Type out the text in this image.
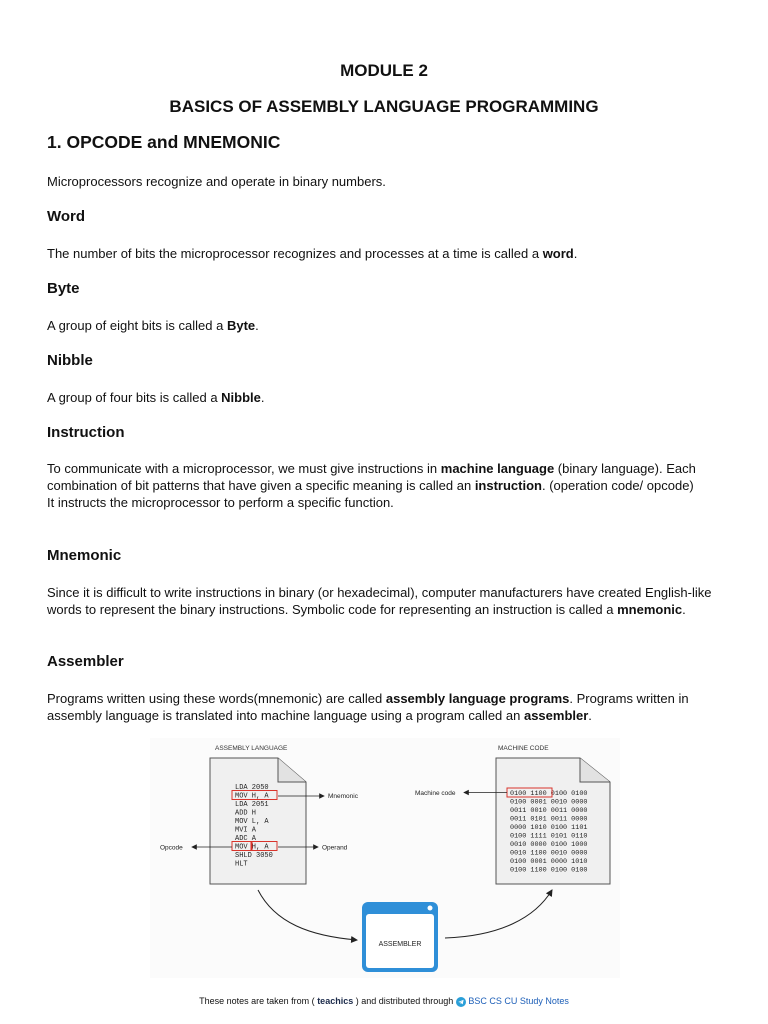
MODULE 2
BASICS OF ASSEMBLY LANGUAGE PROGRAMMING
1. OPCODE and MNEMONIC
Microprocessors recognize and operate in binary numbers.
Word
The number of bits the microprocessor recognizes and processes at a time is called a word.
Byte
A group of eight bits is called a Byte.
Nibble
A group of four bits is called a Nibble.
Instruction
To communicate with a microprocessor, we must give instructions in machine language (binary language). Each combination of bit patterns that have given a specific meaning is called an instruction. (operation code/ opcode)
It instructs the microprocessor to perform a specific function.
Mnemonic
Since it is difficult to write instructions in binary (or hexadecimal), computer manufacturers have created English-like words to represent the binary instructions. Symbolic code for representing an instruction is called a mnemonic.
Assembler
Programs written using these words(mnemonic) are called assembly language programs. Programs written in assembly language is translated into machine language using a program called an assembler.
ASSEMBLY LANGUAGE	MACHINE CODE
LDA 2050
MOV H, A
LDA 2051
ADD H
MOV L, A
MVI A
ADC A
MOV H, A
SHLD 3050
HLT
Mnemonic
Opcode	Operand
0100 1100 0100 0100
0100 0001 0010 0000
0011 0010 0011 0000
0011 0101 0011 0000
0000 1010 0100 1101
0100 1111 0101 0110
0010 0000 0100 1000
0010 1100 0010 0000
0100 0001 0000 1010
0100 1100 0100 0100
Machine code
ASSEMBLER
These notes are taken from ( teachics ) and distributed through  BSC CS CU Study Notes
